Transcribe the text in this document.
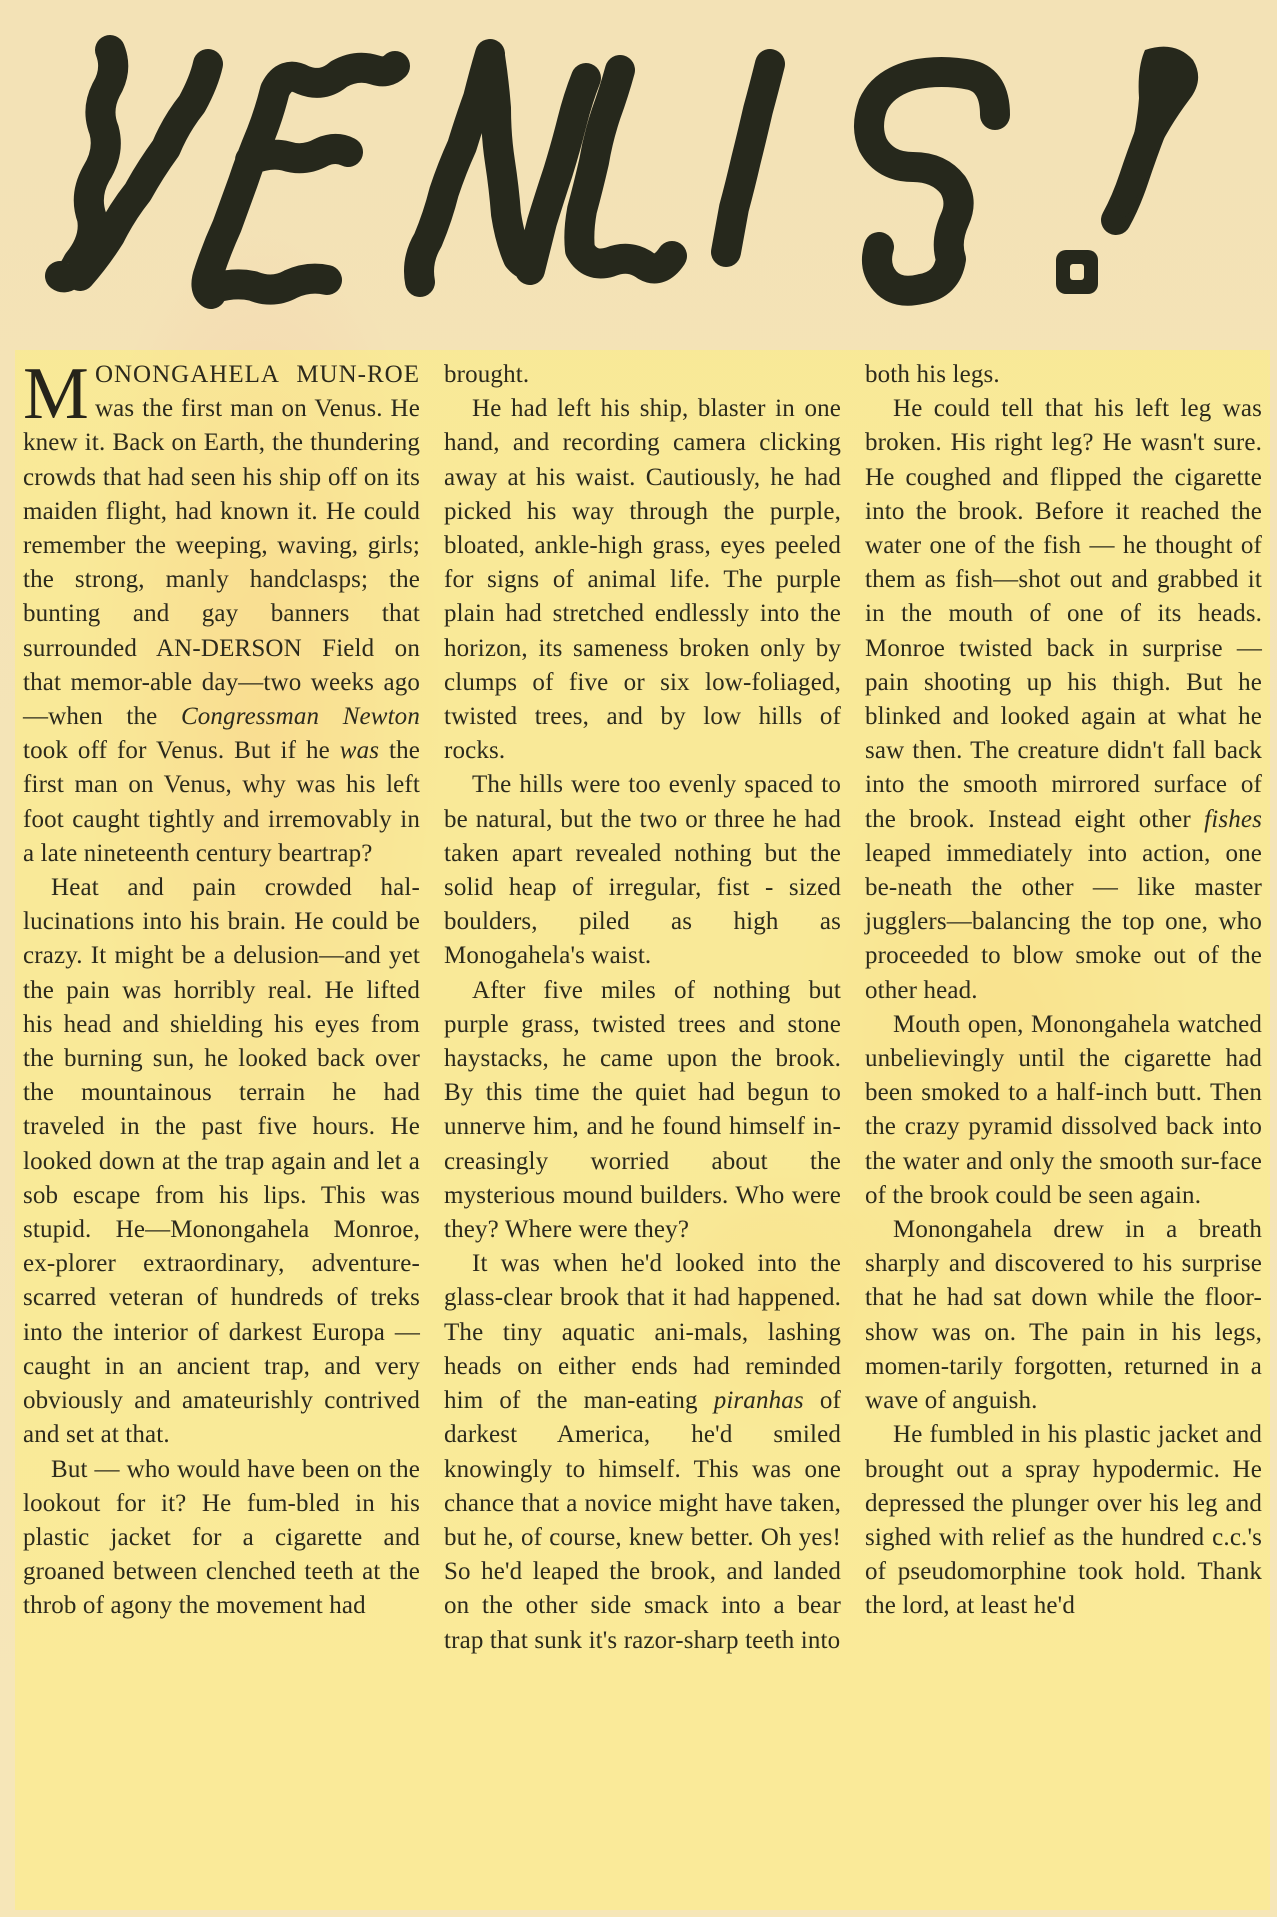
MONONGAHELA MUN-ROE was the first man on Venus. He knew it. Back on Earth, the thundering crowds that had seen his ship off on its maiden flight, had known it. He could remember the weeping, waving, girls; the strong, manly handclasps; the bunting and gay banners that surrounded AN-DERSON Field on that memor-able day—two weeks ago—when the Congressman Newton took off for Venus. But if he was the first man on Venus, why was his left foot caught tightly and irremovably in a late nineteenth century beartrap?

Heat and pain crowded hal-lucinations into his brain. He could be crazy. It might be a delusion—and yet the pain was horribly real. He lifted his head and shielding his eyes from the burning sun, he looked back over the mountainous terrain he had traveled in the past five hours. He looked down at the trap again and let a sob escape from his lips. This was stupid. He—Monongahela Monroe, ex-plorer extraordinary, adventure-scarred veteran of hundreds of treks into the interior of darkest Europa — caught in an ancient trap, and very obviously and amateurishly contrived and set at that.

But — who would have been on the lookout for it? He fum-bled in his plastic jacket for a cigarette and groaned between clenched teeth at the throb of agony the movement had

brought.

He had left his ship, blaster in one hand, and recording camera clicking away at his waist. Cautiously, he had picked his way through the purple, bloated, ankle-high grass, eyes peeled for signs of animal life. The purple plain had stretched endlessly into the horizon, its sameness broken only by clumps of five or six low-foliaged, twisted trees, and by low hills of rocks.

The hills were too evenly spaced to be natural, but the two or three he had taken apart revealed nothing but the solid heap of irregular, fist - sized boulders, piled as high as Monogahela's waist.

After five miles of nothing but purple grass, twisted trees and stone haystacks, he came upon the brook. By this time the quiet had begun to unnerve him, and he found himself in-creasingly worried about the mysterious mound builders. Who were they? Where were they?

It was when he'd looked into the glass-clear brook that it had happened. The tiny aquatic ani-mals, lashing heads on either ends had reminded him of the man-eating piranhas of darkest America, he'd smiled knowingly to himself. This was one chance that a novice might have taken, but he, of course, knew better. Oh yes! So he'd leaped the brook, and landed on the other side smack into a bear trap that sunk it's razor-sharp teeth into

both his legs.

He could tell that his left leg was broken. His right leg? He wasn't sure. He coughed and flipped the cigarette into the brook. Before it reached the water one of the fish — he thought of them as fish—shot out and grabbed it in the mouth of one of its heads. Monroe twisted back in surprise — pain shooting up his thigh. But he blinked and looked again at what he saw then. The creature didn't fall back into the smooth mirrored surface of the brook. Instead eight other fishes leaped immediately into action, one be-neath the other — like master jugglers—balancing the top one, who proceeded to blow smoke out of the other head.

Mouth open, Monongahela watched unbelievingly until the cigarette had been smoked to a half-inch butt. Then the crazy pyramid dissolved back into the water and only the smooth sur-face of the brook could be seen again.

Monongahela drew in a breath sharply and discovered to his surprise that he had sat down while the floor-show was on. The pain in his legs, momen-tarily forgotten, returned in a wave of anguish.

He fumbled in his plastic jacket and brought out a spray hypodermic. He depressed the plunger over his leg and sighed with relief as the hundred c.c.'s of pseudomorphine took hold. Thank the lord, at least he'd
